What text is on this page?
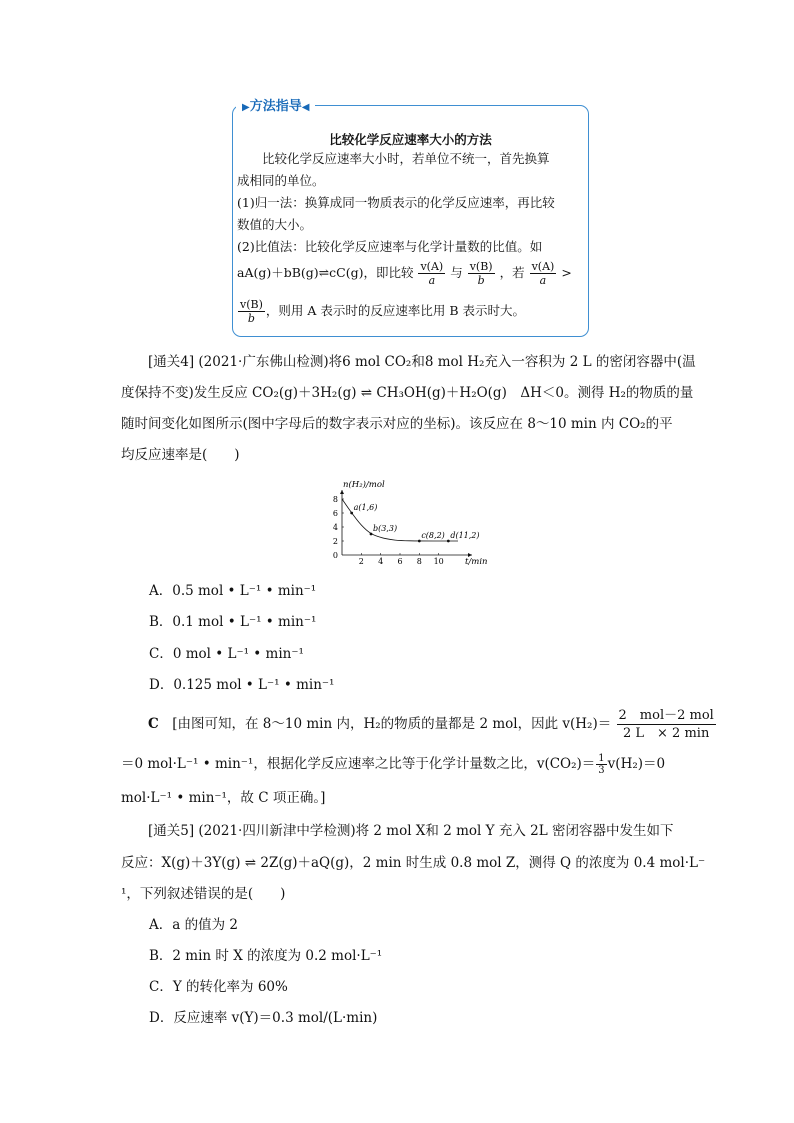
▶方法指导◀
比较化学反应速率大小的方法
　　比较化学反应速率大小时，若单位不统一，首先换算
成相同的单位。
(1)归一法：换算成同一物质表示的化学反应速率，再比较
数值的大小。
(2)比值法：比较化学反应速率与化学计量数的比值。如
aA(g)＋bB(g)⇌cC(g)，即比较 $\frac{v(A)}{a}$ 与 $\frac{v(B)}{b}$ ，若 $\frac{v(A)}{a}$ >
$\frac{v(B)}{b}$ ，则用 A 表示时的反应速率比用 B 表示时大。
[通关4] (2021·广东佛山检测)将6 mol CO₂和8 mol H₂充入一容积为 2 L 的密闭容器中(温
度保持不变)发生反应 CO₂(g)＋3H₂(g) ⇌ CH₃OH(g)＋H₂O(g)　ΔH＜0。测得 H₂的物质的量
随时间变化如图所示(图中字母后的数字表示对应的坐标)。该反应在 8～10 min 内 CO₂的平
均反应速率是(　　)
n(H₂)/mol
t/min
2 4 6 8 10
0
2
4
6
8
a(1,6)
b(3,3)
c(8,2) d(11,2)
A．0.5 mol • L⁻¹ • min⁻¹
B．0.1 mol • L⁻¹ • min⁻¹
C．0 mol • L⁻¹ • min⁻¹
D．0.125 mol • L⁻¹ • min⁻¹
C　 [由图可知，在 8～10 min 内，H₂的物质的量都是 2 mol，因此 $v(H_2)= \frac{\text{2　mol－2 mol}}{2 L \times 2 \min}$
＝0 mol·L⁻¹ • min⁻¹，根据化学反应速率之比等于化学计量数之比，$v(CO_2)= \frac{1}{3} v(H_2)=0$
mol·L⁻¹ • min⁻¹，故 C 项正确。]
[通关5] (2021·四川新津中学检测)将 2 mol X和 2 mol Y 充入 2L 密闭容器中发生如下
反应：X(g)＋3Y(g) ⇌ 2Z(g)＋aQ(g)，2 min 时生成 0.8 mol Z，测得 Q 的浓度为 0.4 mol·L⁻
¹，下列叙述错误的是(　　)
A．a 的值为 2
B．2 min 时 X 的浓度为 0.2 mol·L⁻¹
C．Y 的转化率为 60%
D．反应速率 v(Y)＝0.3 mol/(L·min)
